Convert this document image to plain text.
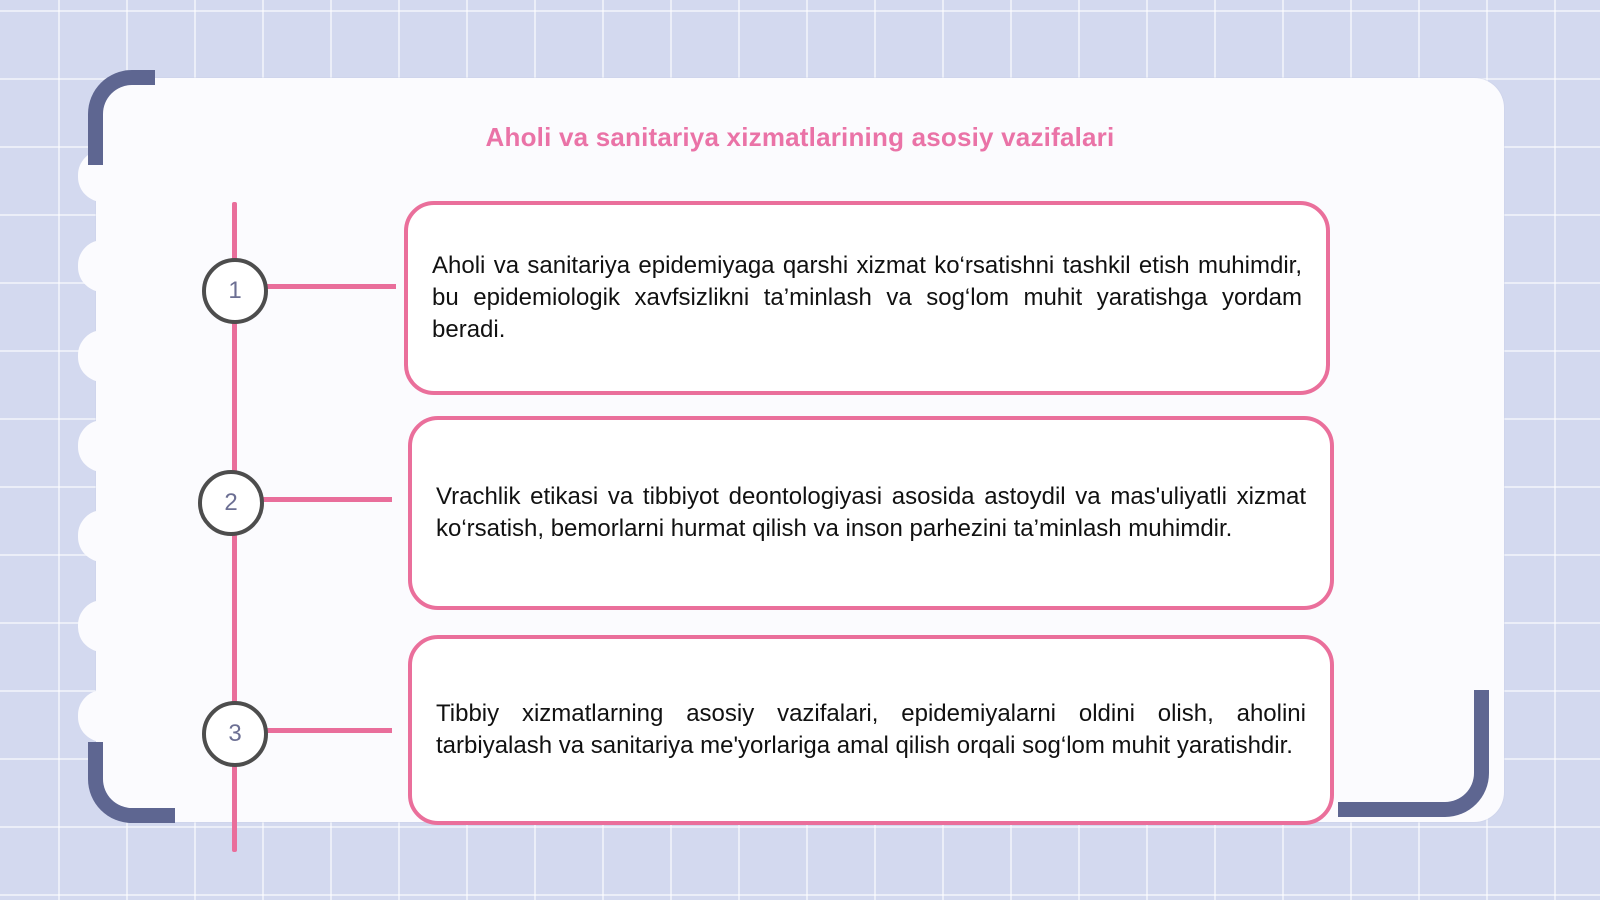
Aholi va sanitariya xizmatlarining asosiy vazifalari
1
2
3
Aholi va sanitariya epidemiyaga qarshi xizmat ko‘rsatishni tashkil etish muhimdir, bu epidemiologik xavfsizlikni ta’minlash va sog‘lom muhit yaratishga yordam beradi.
Vrachlik etikasi va tibbiyot deontologiyasi asosida astoydil va mas'uliyatli xizmat ko‘rsatish, bemorlarni hurmat qilish va inson parhezini ta’minlash muhimdir.
Tibbiy xizmatlarning asosiy vazifalari, epidemiyalarni oldini olish, aholini tarbiyalash va sanitariya me'yorlariga amal qilish orqali sog‘lom muhit yaratishdir.
